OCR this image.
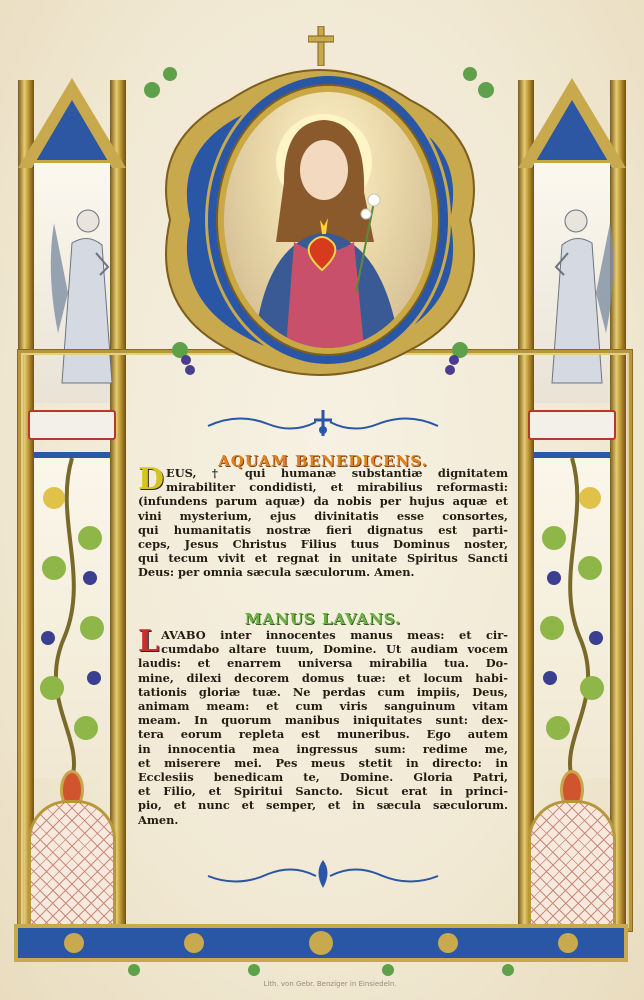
AQUAM BENEDICENS.
D EUS, † qui humanæ substantiæ dignitatem
mirabiliter condidisti, et mirabilius reformasti:
(infundens parum aquæ) da nobis per hujus aquæ et
vini mysterium, ejus divinitatis esse consortes,
qui humanitatis nostræ fieri dignatus est parti-
ceps, Jesus Christus Filius tuus Dominus noster,
qui tecum vivit et regnat in unitate Spiritus Sancti
Deus: per omnia sæcula sæculorum. Amen.
MANUS LAVANS.
L AVABO inter innocentes manus meas: et cir-
cumdabo altare tuum, Domine. Ut audiam vocem
laudis: et enarrem universa mirabilia tua. Do-
mine, dilexi decorem domus tuæ: et locum habi-
tationis gloriæ tuæ. Ne perdas cum impiis, Deus,
animam meam: et cum viris sanguinum vitam
meam. In quorum manibus iniquitates sunt: dex-
tera eorum repleta est muneribus. Ego autem
in innocentia mea ingressus sum: redime me,
et miserere mei. Pes meus stetit in directo: in
Ecclesiis benedicam te, Domine. Gloria Patri,
et Filio, et Spiritui Sancto. Sicut erat in princi-
pio, et nunc et semper, et in sæcula sæculorum.
Amen.
Lith. von Gebr. Benziger in Einsiedeln.
